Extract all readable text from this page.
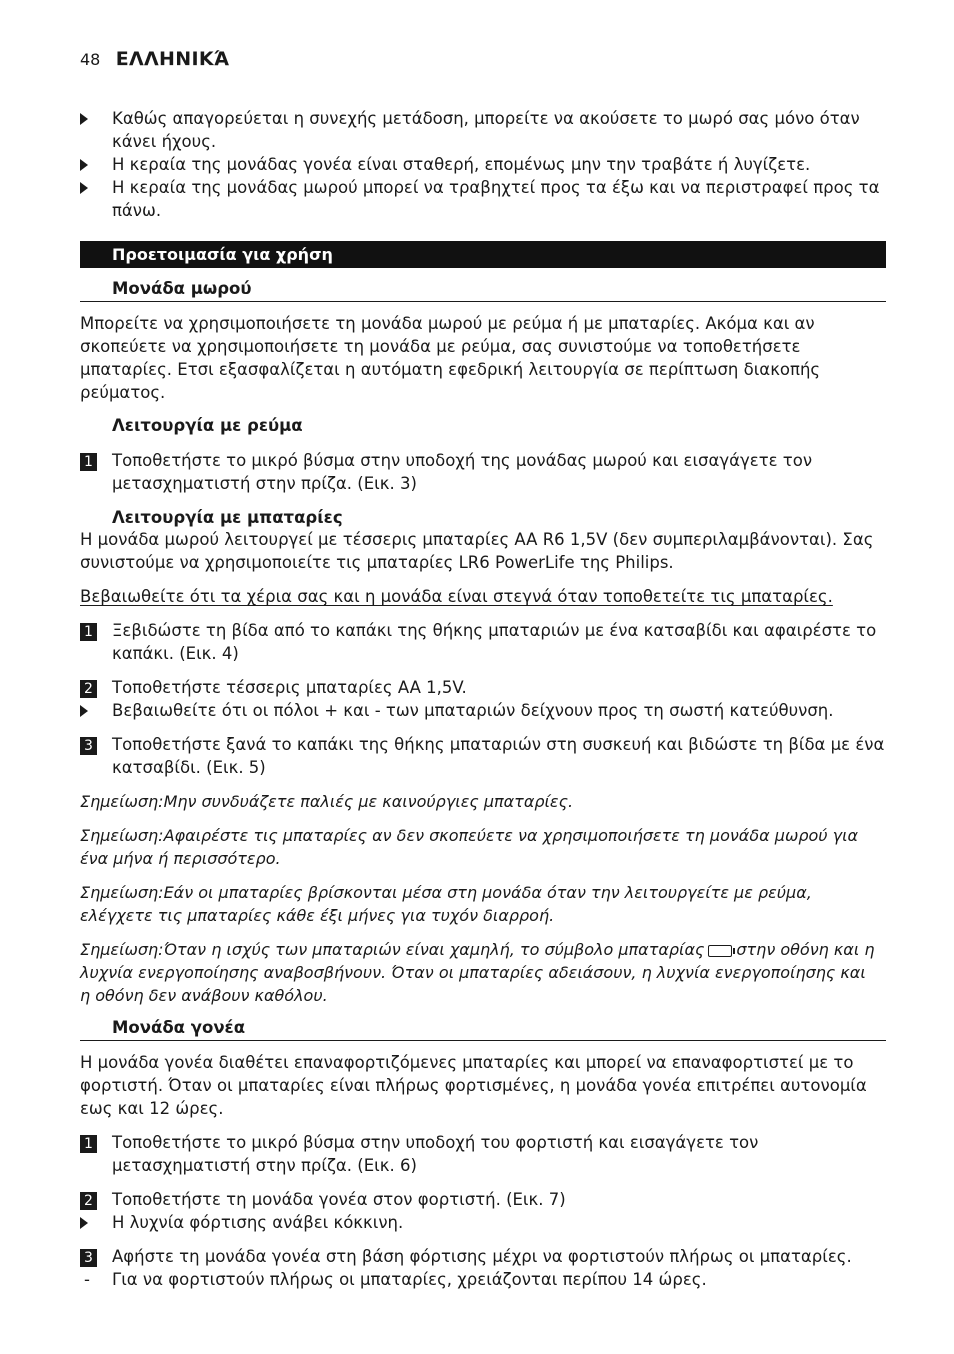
48 ΕΛΛΗΝΙΚΆ
Καθώς απαγορεύεται η συνεχής μετάδοση, μπορείτε να ακούσετε το μωρό σας μόνο όταν κάνει ήχους.
Η κεραία της μονάδας γονέα είναι σταθερή, επομένως μην την τραβάτε ή λυγίζετε.
Η κεραία της μονάδας μωρού μπορεί να τραβηχτεί προς τα έξω και να περιστραφεί προς τα πάνω.
Προετοιμασία για χρήση
Μονάδα μωρού
Μπορείτε να χρησιμοποιήσετε τη μονάδα μωρού με ρεύμα ή με μπαταρίες. Ακόμα και αν σκοπεύετε να χρησιμοποιήσετε τη μονάδα με ρεύμα, σας συνιστούμε να τοποθετήσετε μπαταρίες. Ετσι εξασφαλίζεται η αυτόματη εφεδρική λειτουργία σε περίπτωση διακοπής ρεύματος.
Λειτουργία με ρεύμα
1	Τοποθετήστε το μικρό βύσμα στην υποδοχή της μονάδας μωρού και εισαγάγετε τον μετασχηματιστή στην πρίζα. (Εικ. 3)
Λειτουργία με μπαταρίες
Η μονάδα μωρού λειτουργεί με τέσσερις μπαταρίες AA R6 1,5V (δεν συμπεριλαμβάνονται). Σας συνιστούμε να χρησιμοποιείτε τις μπαταρίες LR6 PowerLife της Philips.
Βεβαιωθείτε ότι τα χέρια σας και η μονάδα είναι στεγνά όταν τοποθετείτε τις μπαταρίες.
1	Ξεβιδώστε τη βίδα από το καπάκι της θήκης μπαταριών με ένα κατσαβίδι και αφαιρέστε το καπάκι. (Εικ. 4)
2	Τοποθετήστε τέσσερις μπαταρίες AA 1,5V.
Βεβαιωθείτε ότι οι πόλοι + και - των μπαταριών δείχνουν προς τη σωστή κατεύθυνση.
3	Τοποθετήστε ξανά το καπάκι της θήκης μπαταριών στη συσκευή και βιδώστε τη βίδα με ένα κατσαβίδι. (Εικ. 5)
Σημείωση:Μην συνδυάζετε παλιές με καινούργιες μπαταρίες.
Σημείωση:Αφαιρέστε τις μπαταρίες αν δεν σκοπεύετε να χρησιμοποιήσετε τη μονάδα μωρού για ένα μήνα ή περισσότερο.
Σημείωση:Εάν οι μπαταρίες βρίσκονται μέσα στη μονάδα όταν την λειτουργείτε με ρεύμα, ελέγχετε τις μπαταρίες κάθε έξι μήνες για τυχόν διαρροή.
Σημείωση:Όταν η ισχύς των μπαταριών είναι χαμηλή, το σύμβολο μπαταρίας στην οθόνη και η λυχνία ενεργοποίησης αναβοσβήνουν. Όταν οι μπαταρίες αδειάσουν, η λυχνία ενεργοποίησης και η οθόνη δεν ανάβουν καθόλου.
Μονάδα γονέα
Η μονάδα γονέα διαθέτει επαναφορτιζόμενες μπαταρίες και μπορεί να επαναφορτιστεί με το φορτιστή. Όταν οι μπαταρίες είναι πλήρως φορτισμένες, η μονάδα γονέα επιτρέπει αυτονομία εως και 12 ώρες.
1	Τοποθετήστε το μικρό βύσμα στην υποδοχή του φορτιστή και εισαγάγετε τον μετασχηματιστή στην πρίζα. (Εικ. 6)
2	Τοποθετήστε τη μονάδα γονέα στον φορτιστή. (Εικ. 7)
Η λυχνία φόρτισης ανάβει κόκκινη.
3	Αφήστε τη μονάδα γονέα στη βάση φόρτισης μέχρι να φορτιστούν πλήρως οι μπαταρίες.
-	Για να φορτιστούν πλήρως οι μπαταρίες, χρειάζονται περίπου 14 ώρες.
